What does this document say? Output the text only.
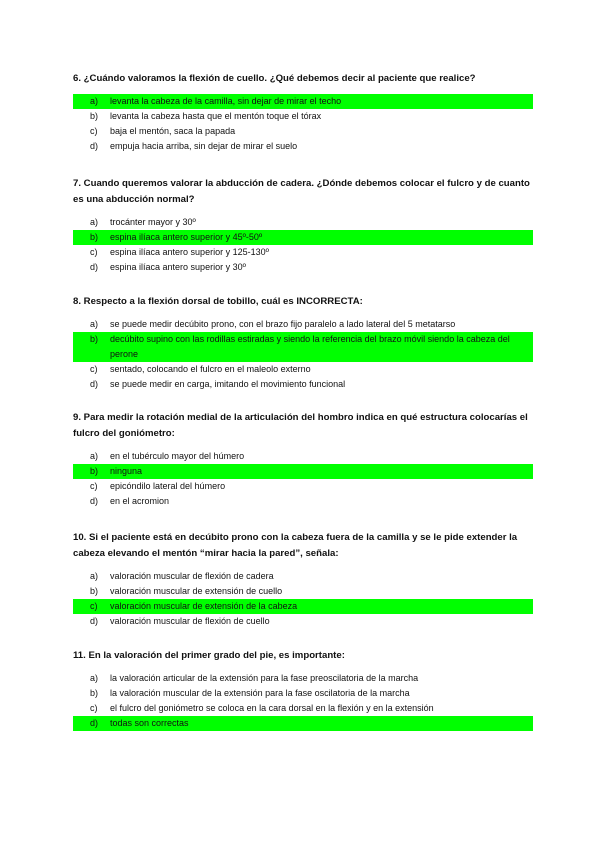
6. ¿Cuándo valoramos la flexión de cuello. ¿Qué debemos decir al paciente que realice?

a) levanta la cabeza de la camilla, sin dejar de mirar el techo
b) levanta la cabeza hasta que el mentón toque el tórax
c) baja el mentón, saca la papada
d) empuja hacia arriba, sin dejar de mirar el suelo

7. Cuando queremos valorar la abducción de cadera. ¿Dónde debemos colocar el fulcro y de cuanto es una abducción normal?

a) trocánter mayor y 30º
b) espina ilíaca antero superior y 45º-50º
c) espina ilíaca antero superior y 125-130º
d) espina ilíaca antero superior y 30º

8. Respecto a la flexión dorsal de tobillo, cuál es INCORRECTA:

a) se puede medir decúbito prono, con el brazo fijo paralelo a lado lateral del 5 metatarso
b) decúbito supino con las rodillas estiradas y siendo la referencia del brazo móvil siendo la cabeza del perone
c) sentado, colocando el fulcro en el maleolo externo
d) se puede medir en carga, imitando el movimiento funcional

9. Para medir la rotación medial de la articulación del hombro indica en qué estructura colocarías el fulcro del goniómetro:

a) en el tubérculo mayor del húmero
b) ninguna
c) epicóndilo lateral del húmero
d) en el acromion

10. Si el paciente está en decúbito prono con la cabeza fuera de la camilla y se le pide extender la cabeza elevando el mentón “mirar hacia la pared”, señala:

a) valoración muscular de flexión de cadera
b) valoración muscular de extensión de cuello
c) valoración muscular de extensión de la cabeza
d) valoración muscular de flexión de cuello

11. En la valoración del primer grado del pie, es importante:

a) la valoración articular de la extensión para la fase preoscilatoria de la marcha
b) la valoración muscular de la extensión para la fase oscilatoria de la marcha
c) el fulcro del goniómetro se coloca en la cara dorsal en la flexión y en la extensión
d) todas son correctas
